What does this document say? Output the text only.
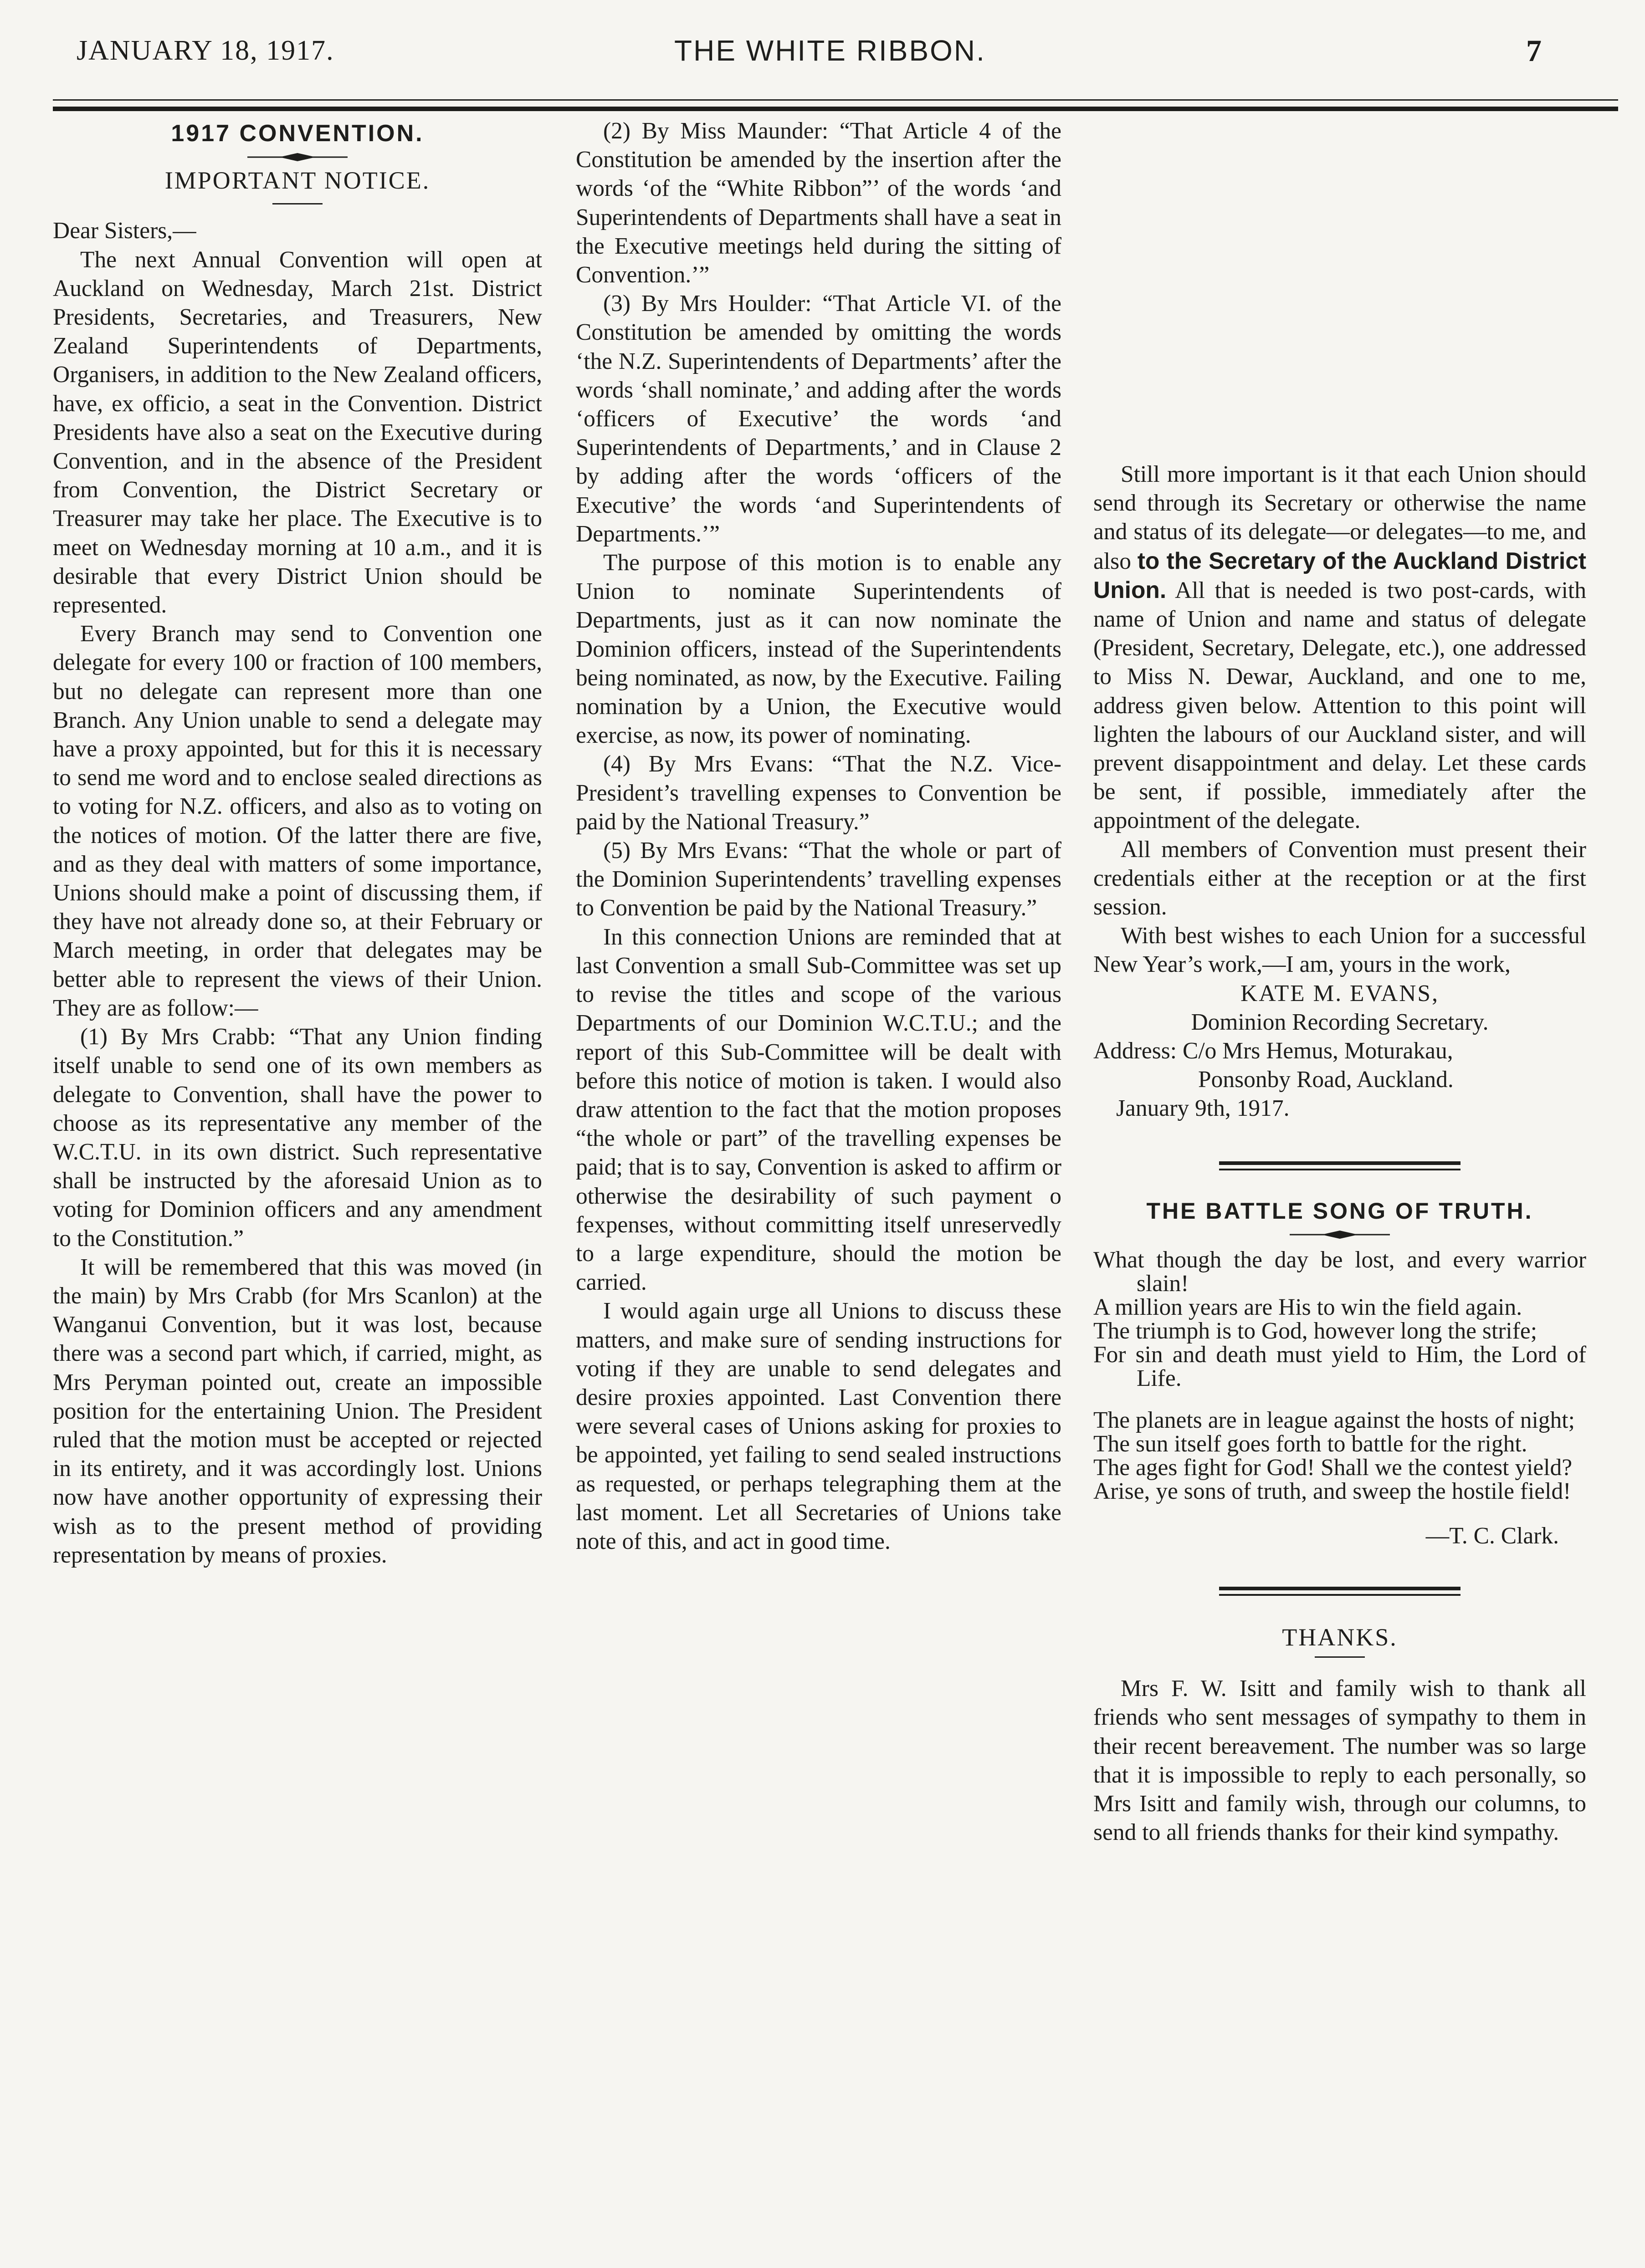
JANUARY 18, 1917.	THE WHITE RIBBON.	7
1917 CONVENTION.
IMPORTANT NOTICE.

Dear Sisters,—

The next Annual Convention will open at Auckland on Wednesday, March 21st. District Presidents, Secretaries, and Treasurers, New Zealand Superintendents of Departments, Organisers, in addition to the New Zealand officers, have, ex officio, a seat in the Convention. District Presidents have also a seat on the Executive during Convention, and in the absence of the President from Convention, the District Secretary or Treasurer may take her place. The Executive is to meet on Wednesday morning at 10 a.m., and it is desirable that every District Union should be represented.

Every Branch may send to Convention one delegate for every 100 or fraction of 100 members, but no delegate can represent more than one Branch. Any Union unable to send a delegate may have a proxy appointed, but for this it is necessary to send me word and to enclose sealed directions as to voting for N.Z. officers, and also as to voting on the notices of motion. Of the latter there are five, and as they deal with matters of some importance, Unions should make a point of discussing them, if they have not already done so, at their February or March meeting, in order that delegates may be better able to represent the views of their Union. They are as follow:—

(1) By Mrs Crabb: “That any Union finding itself unable to send one of its own members as delegate to Convention, shall have the power to choose as its representative any member of the W.C.T.U. in its own district. Such representative shall be instructed by the aforesaid Union as to voting for Dominion officers and any amendment to the Constitution.”

It will be remembered that this was moved (in the main) by Mrs Crabb (for Mrs Scanlon) at the Wanganui Convention, but it was lost, because there was a second part which, if carried, might, as Mrs Peryman pointed out, create an impossible position for the entertaining Union. The President ruled that the motion must be accepted or rejected in its entirety, and it was accordingly lost. Unions now have another opportunity of expressing their wish as to the present method of providing representation by means of proxies.

(2) By Miss Maunder: “That Article 4 of the Constitution be amended by the insertion after the words ‘of the “White Ribbon”’ of the words ‘and Superintendents of Departments shall have a seat in the Executive meetings held during the sitting of Convention.’”

(3) By Mrs Houlder: “That Article VI. of the Constitution be amended by omitting the words ‘the N.Z. Superintendents of Departments’ after the words ‘shall nominate,’ and adding after the words ‘officers of Executive’ the words ‘and Superintendents of Departments,’ and in Clause 2 by adding after the words ‘officers of the Executive’ the words ‘and Superintendents of Departments.’”

The purpose of this motion is to enable any Union to nominate Superintendents of Departments, just as it can now nominate the Dominion officers, instead of the Superintendents being nominated, as now, by the Executive. Failing nomination by a Union, the Executive would exercise, as now, its power of nominating.

(4) By Mrs Evans: “That the N.Z. Vice-President’s travelling expenses to Convention be paid by the National Treasury.”

(5) By Mrs Evans: “That the whole or part of the Dominion Superintendents’ travelling expenses to Convention be paid by the National Treasury.”

In this connection Unions are reminded that at last Convention a small Sub-Committee was set up to revise the titles and scope of the various Departments of our Dominion W.C.T.U.; and the report of this Sub-Committee will be dealt with before this notice of motion is taken. I would also draw attention to the fact that the motion proposes “the whole or part” of the travelling expenses be paid; that is to say, Convention is asked to affirm or otherwise the desirability of such payment o fexpenses, without committing itself unreservedly to a large expenditure, should the motion be carried.

I would again urge all Unions to discuss these matters, and make sure of sending instructions for voting if they are unable to send delegates and desire proxies appointed. Last Convention there were several cases of Unions asking for proxies to be appointed, yet failing to send sealed instructions as requested, or perhaps telegraphing them at the last moment. Let all Secretaries of Unions take note of this, and act in good time.

Still more important is it that each Union should send through its Secretary or otherwise the name and status of its delegate—or delegates—to me, and also to the Secretary of the Auckland District Union. All that is needed is two post-cards, with name of Union and name and status of delegate (President, Secretary, Delegate, etc.), one addressed to Miss N. Dewar, Auckland, and one to me, address given below. Attention to this point will lighten the labours of our Auckland sister, and will prevent disappointment and delay. Let these cards be sent, if possible, immediately after the appointment of the delegate.

All members of Convention must present their credentials either at the reception or at the first session.

With best wishes to each Union for a successful New Year’s work,—I am, yours in the work,

KATE M. EVANS,
Dominion Recording Secretary.
Address: C/o Mrs Hemus, Moturakau,
Ponsonby Road, Auckland.
January 9th, 1917.
THE BATTLE SONG OF TRUTH.

What though the day be lost, and every warrior slain!

A million years are His to win the field again.

The triumph is to God, however long the strife;

For sin and death must yield to Him, the Lord of Life.

The planets are in league against the hosts of night;

The sun itself goes forth to battle for the right.

The ages fight for God! Shall we the contest yield?

Arise, ye sons of truth, and sweep the hostile field!

—T. C. Clark.
THANKS.

Mrs F. W. Isitt and family wish to thank all friends who sent messages of sympathy to them in their recent bereavement. The number was so large that it is impossible to reply to each personally, so Mrs Isitt and family wish, through our columns, to send to all friends thanks for their kind sympathy.
